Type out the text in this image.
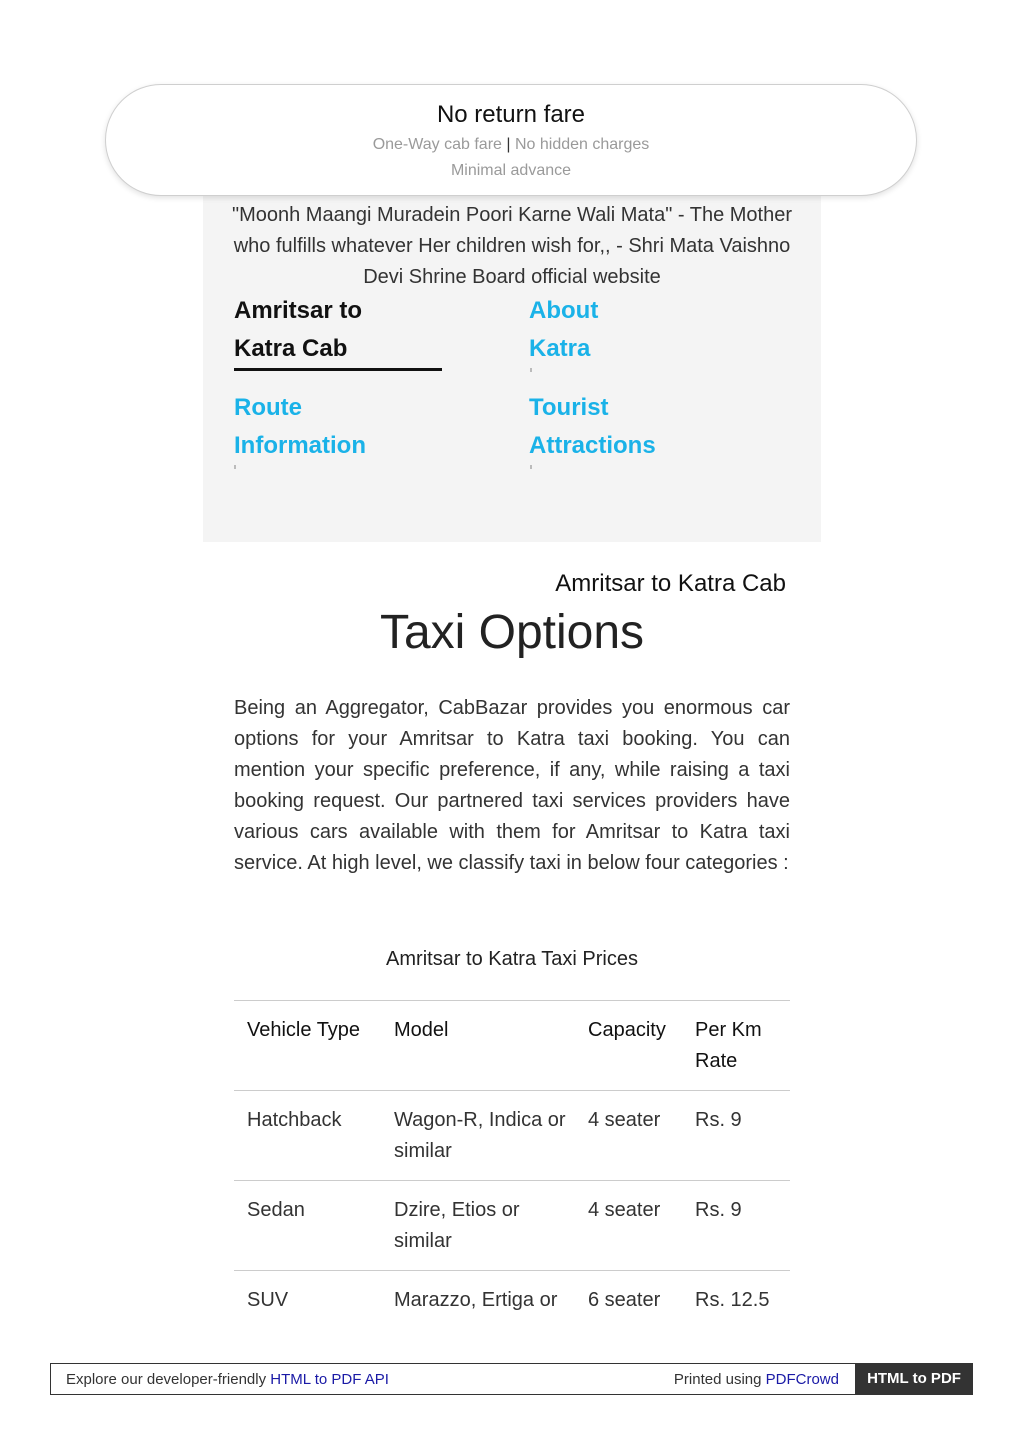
No return fare
One-Way cab fare | No hidden charges
Minimal advance
"Moonh Maangi Muradein Poori Karne Wali Mata" - The Mother who fulfills whatever Her children wish for,, - Shri Mata Vaishno Devi Shrine Board official website
Amritsar to
Katra Cab
About
Katra
Route
Information
Tourist
Attractions
Amritsar to Katra Cab
Taxi Options

Being an Aggregator, CabBazar provides you enormous car options for your Amritsar to Katra taxi booking. You can mention your specific preference, if any, while raising a taxi booking request. Our partnered taxi services providers have various cars available with them for Amritsar to Katra taxi service. At high level, we classify taxi in below four categories :

Amritsar to Katra Taxi Prices
Vehicle Type	Model	Capacity	Per Km Rate
Hatchback	Wagon-R, Indica or similar	4 seater	Rs. 9
Sedan	Dzire, Etios or similar	4 seater	Rs. 9
SUV	Marazzo, Ertiga or	6 seater	Rs. 12.5
Explore our developer-friendly HTML to PDF API	Printed using PDFCrowd	HTML to PDF
